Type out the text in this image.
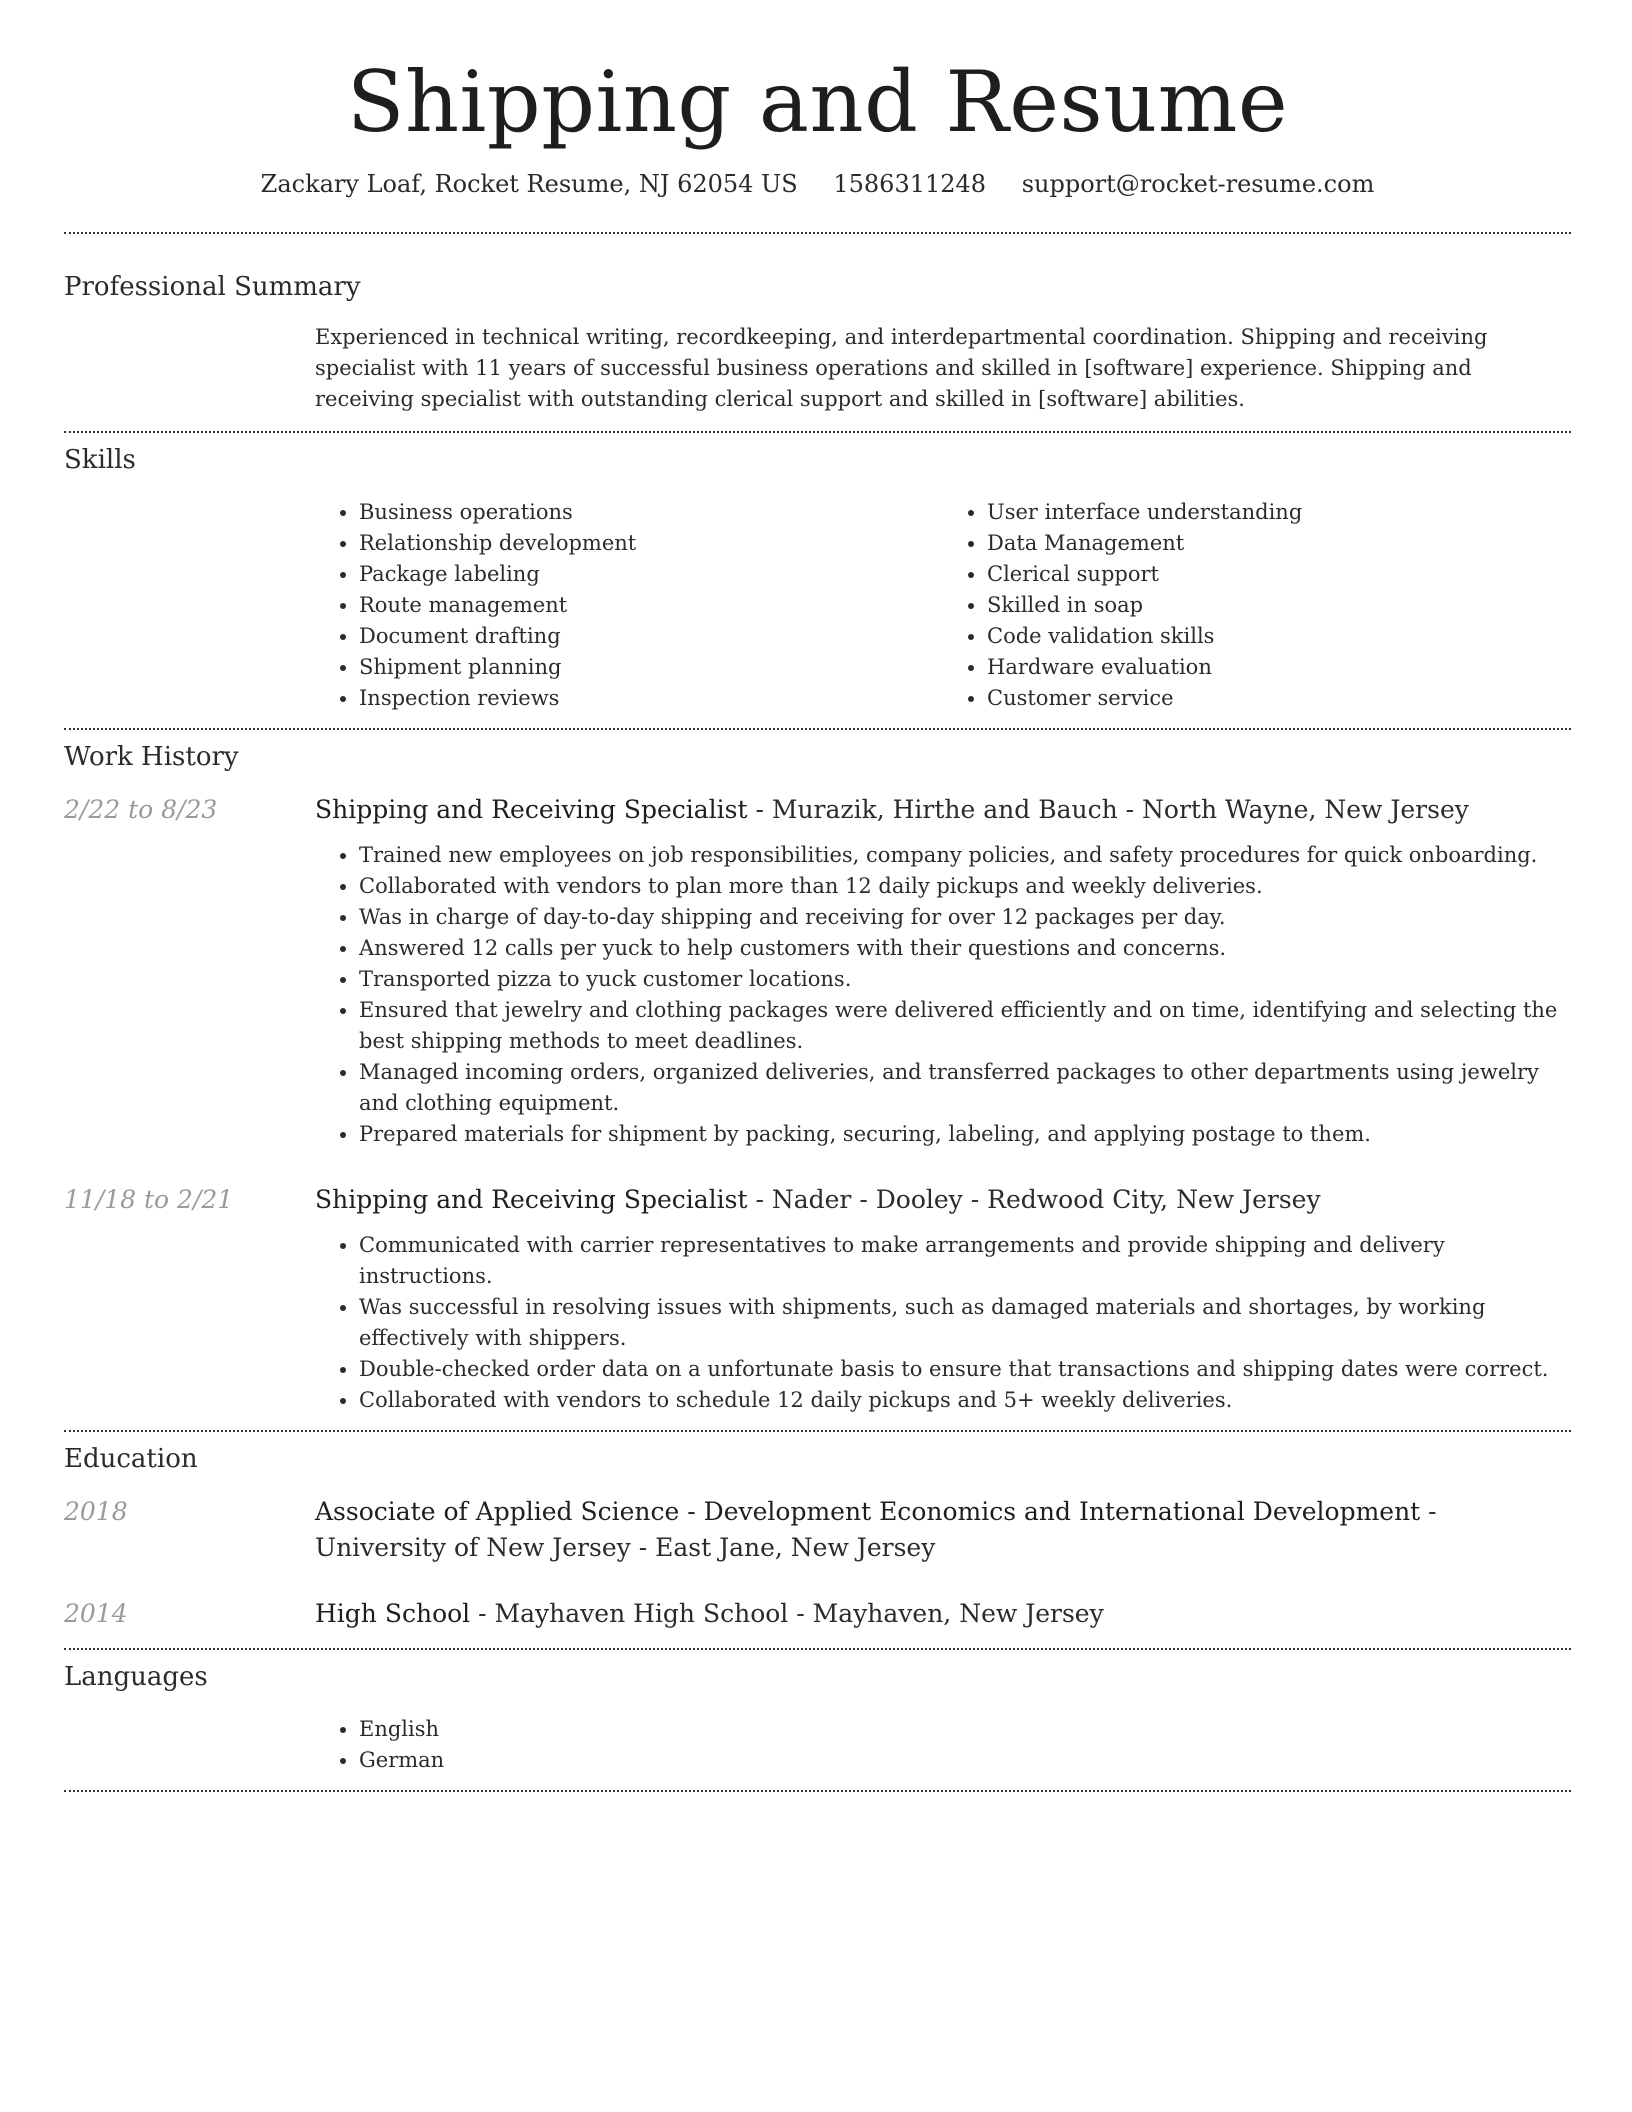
Shipping and Resume
Zackary Loaf, Rocket Resume, NJ 62054 US 1586311248 support@rocket-resume.com
Professional Summary
Experienced in technical writing, recordkeeping, and interdepartmental coordination. Shipping and receiving specialist with 11 years of successful business operations and skilled in [software] experience. Shipping and receiving specialist with outstanding clerical support and skilled in [software] abilities.
Skills
• Business operations
• Relationship development
• Package labeling
• Route management
• Document drafting
• Shipment planning
• Inspection reviews
• User interface understanding
• Data Management
• Clerical support
• Skilled in soap
• Code validation skills
• Hardware evaluation
• Customer service
Work History
2/22 to 8/23	Shipping and Receiving Specialist - Murazik, Hirthe and Bauch - North Wayne, New Jersey
• Trained new employees on job responsibilities, company policies, and safety procedures for quick onboarding.
• Collaborated with vendors to plan more than 12 daily pickups and weekly deliveries.
• Was in charge of day-to-day shipping and receiving for over 12 packages per day.
• Answered 12 calls per yuck to help customers with their questions and concerns.
• Transported pizza to yuck customer locations.
• Ensured that jewelry and clothing packages were delivered efficiently and on time, identifying and selecting the best shipping methods to meet deadlines.
• Managed incoming orders, organized deliveries, and transferred packages to other departments using jewelry and clothing equipment.
• Prepared materials for shipment by packing, securing, labeling, and applying postage to them.
11/18 to 2/21	Shipping and Receiving Specialist - Nader - Dooley - Redwood City, New Jersey
• Communicated with carrier representatives to make arrangements and provide shipping and delivery instructions.
• Was successful in resolving issues with shipments, such as damaged materials and shortages, by working effectively with shippers.
• Double-checked order data on a unfortunate basis to ensure that transactions and shipping dates were correct.
• Collaborated with vendors to schedule 12 daily pickups and 5+ weekly deliveries.
Education
2018	Associate of Applied Science - Development Economics and International Development - University of New Jersey - East Jane, New Jersey
2014	High School - Mayhaven High School - Mayhaven, New Jersey
Languages
• English
• German
